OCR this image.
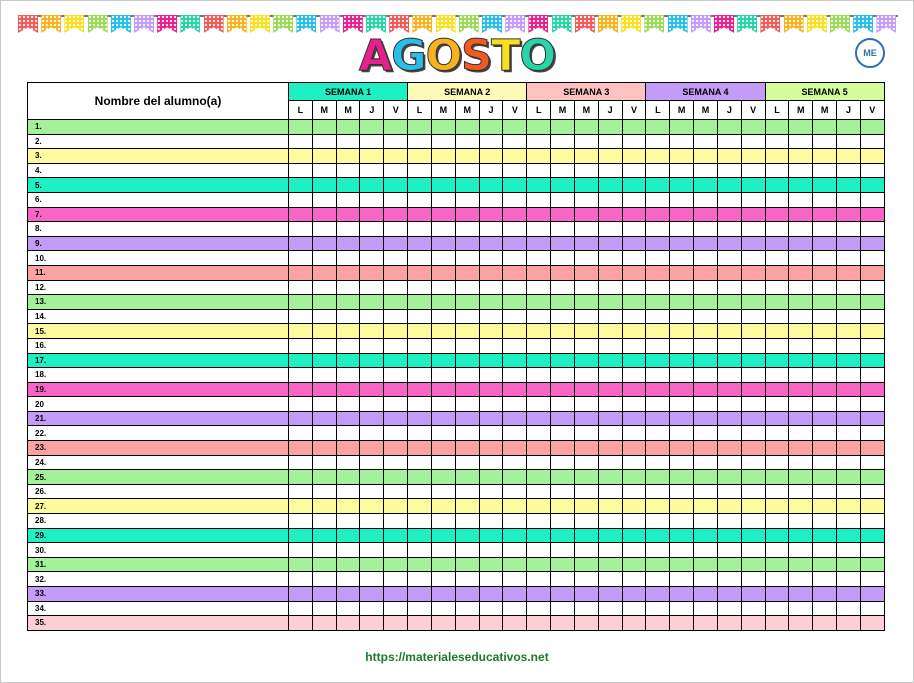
AGOSTO	ME
Nombre del alumno(a)	SEMANA 1					SEMANA 2					SEMANA 3					SEMANA 4					SEMANA 5				
	L	M	M	J	V	L	M	M	J	V	L	M	M	J	V	L	M	M	J	V	L	M	M	J	V
1.																									
2.																									
3.																									
4.																									
5.																									
6.																									
7.																									
8.																									
9.																									
10.																									
11.																									
12.																									
13.																									
14.																									
15.																									
16.																									
17.																									
18.																									
19.																									
20																									
21.																									
22.																									
23.																									
24.																									
25.																									
26.																									
27.																									
28.																									
29.																									
30.																									
31.																									
32.																									
33.																									
34.																									
35.																									
https://materialeseducativos.net
